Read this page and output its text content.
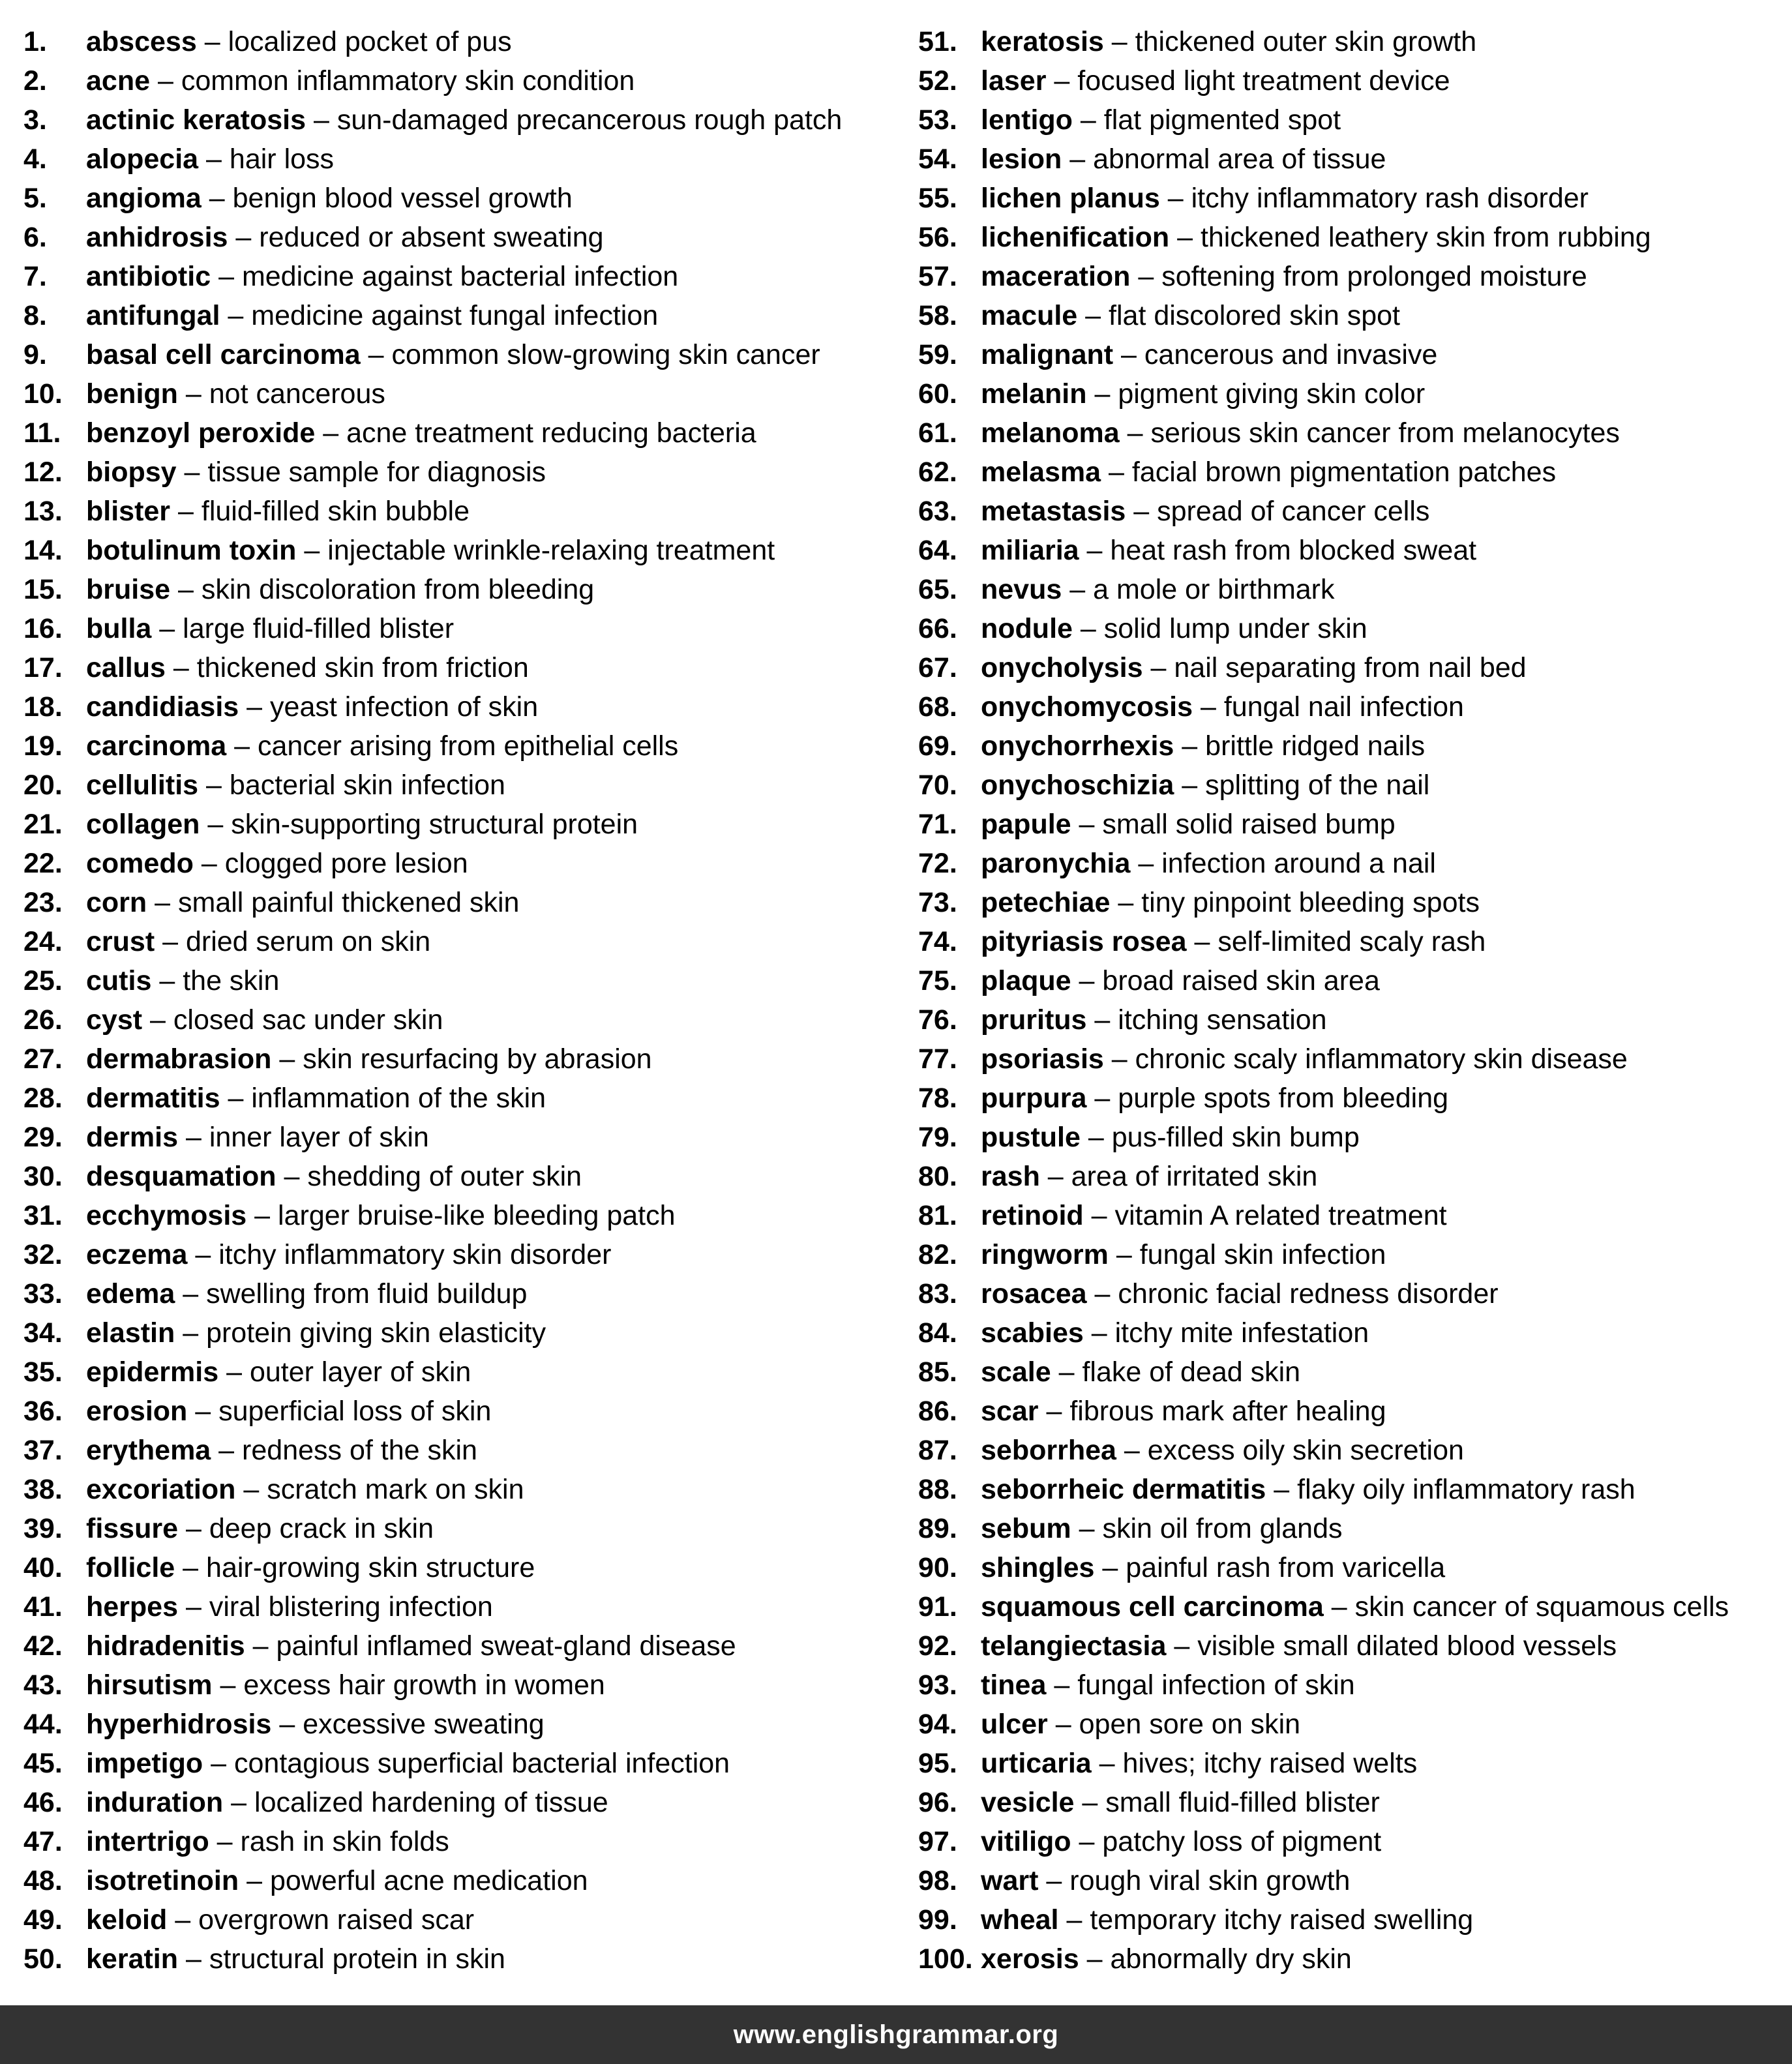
1. abscess – localized pocket of pus
2. acne – common inflammatory skin condition
3. actinic keratosis – sun-damaged precancerous rough patch
4. alopecia – hair loss
5. angioma – benign blood vessel growth
6. anhidrosis – reduced or absent sweating
7. antibiotic – medicine against bacterial infection
8. antifungal – medicine against fungal infection
9. basal cell carcinoma – common slow-growing skin cancer
10. benign – not cancerous
11. benzoyl peroxide – acne treatment reducing bacteria
12. biopsy – tissue sample for diagnosis
13. blister – fluid-filled skin bubble
14. botulinum toxin – injectable wrinkle-relaxing treatment
15. bruise – skin discoloration from bleeding
16. bulla – large fluid-filled blister
17. callus – thickened skin from friction
18. candidiasis – yeast infection of skin
19. carcinoma – cancer arising from epithelial cells
20. cellulitis – bacterial skin infection
21. collagen – skin-supporting structural protein
22. comedo – clogged pore lesion
23. corn – small painful thickened skin
24. crust – dried serum on skin
25. cutis – the skin
26. cyst – closed sac under skin
27. dermabrasion – skin resurfacing by abrasion
28. dermatitis – inflammation of the skin
29. dermis – inner layer of skin
30. desquamation – shedding of outer skin
31. ecchymosis – larger bruise-like bleeding patch
32. eczema – itchy inflammatory skin disorder
33. edema – swelling from fluid buildup
34. elastin – protein giving skin elasticity
35. epidermis – outer layer of skin
36. erosion – superficial loss of skin
37. erythema – redness of the skin
38. excoriation – scratch mark on skin
39. fissure – deep crack in skin
40. follicle – hair-growing skin structure
41. herpes – viral blistering infection
42. hidradenitis – painful inflamed sweat-gland disease
43. hirsutism – excess hair growth in women
44. hyperhidrosis – excessive sweating
45. impetigo – contagious superficial bacterial infection
46. induration – localized hardening of tissue
47. intertrigo – rash in skin folds
48. isotretinoin – powerful acne medication
49. keloid – overgrown raised scar
50. keratin – structural protein in skin
51. keratosis – thickened outer skin growth
52. laser – focused light treatment device
53. lentigo – flat pigmented spot
54. lesion – abnormal area of tissue
55. lichen planus – itchy inflammatory rash disorder
56. lichenification – thickened leathery skin from rubbing
57. maceration – softening from prolonged moisture
58. macule – flat discolored skin spot
59. malignant – cancerous and invasive
60. melanin – pigment giving skin color
61. melanoma – serious skin cancer from melanocytes
62. melasma – facial brown pigmentation patches
63. metastasis – spread of cancer cells
64. miliaria – heat rash from blocked sweat
65. nevus – a mole or birthmark
66. nodule – solid lump under skin
67. onycholysis – nail separating from nail bed
68. onychomycosis – fungal nail infection
69. onychorrhexis – brittle ridged nails
70. onychoschizia – splitting of the nail
71. papule – small solid raised bump
72. paronychia – infection around a nail
73. petechiae – tiny pinpoint bleeding spots
74. pityriasis rosea – self-limited scaly rash
75. plaque – broad raised skin area
76. pruritus – itching sensation
77. psoriasis – chronic scaly inflammatory skin disease
78. purpura – purple spots from bleeding
79. pustule – pus-filled skin bump
80. rash – area of irritated skin
81. retinoid – vitamin A related treatment
82. ringworm – fungal skin infection
83. rosacea – chronic facial redness disorder
84. scabies – itchy mite infestation
85. scale – flake of dead skin
86. scar – fibrous mark after healing
87. seborrhea – excess oily skin secretion
88. seborrheic dermatitis – flaky oily inflammatory rash
89. sebum – skin oil from glands
90. shingles – painful rash from varicella
91. squamous cell carcinoma – skin cancer of squamous cells
92. telangiectasia – visible small dilated blood vessels
93. tinea – fungal infection of skin
94. ulcer – open sore on skin
95. urticaria – hives; itchy raised welts
96. vesicle – small fluid-filled blister
97. vitiligo – patchy loss of pigment
98. wart – rough viral skin growth
99. wheal – temporary itchy raised swelling
100. xerosis – abnormally dry skin
www.englishgrammar.org
